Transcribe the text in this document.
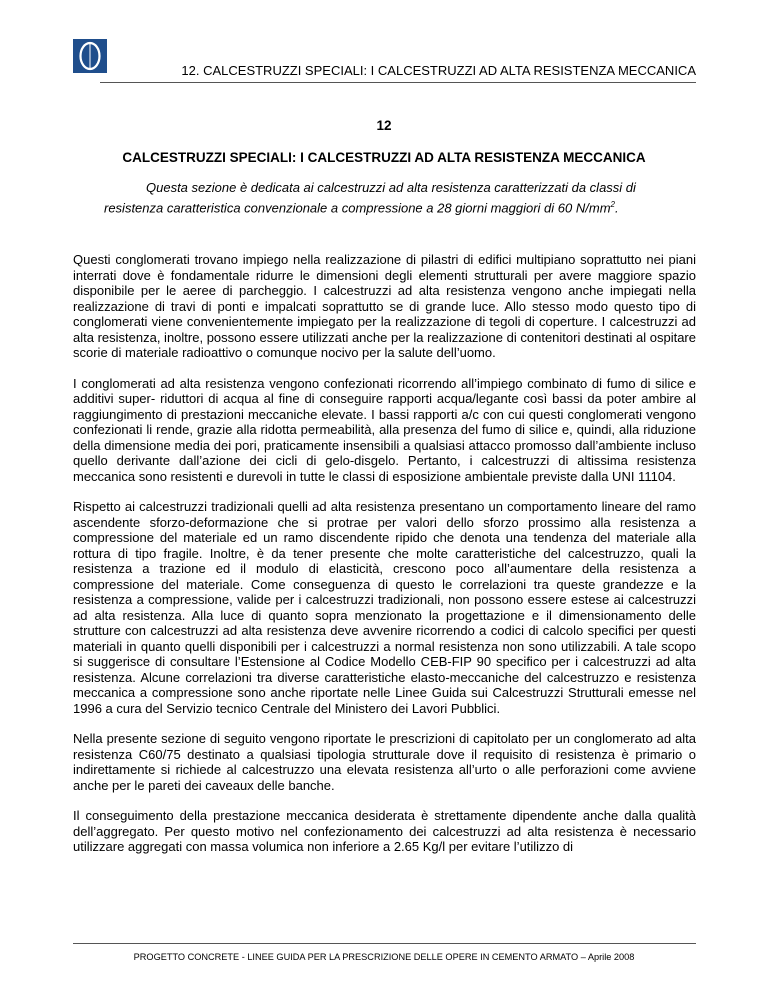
12. CALCESTRUZZI SPECIALI: I CALCESTRUZZI AD ALTA RESISTENZA MECCANICA
12
CALCESTRUZZI SPECIALI: I CALCESTRUZZI AD ALTA RESISTENZA MECCANICA
Questa sezione è dedicata ai calcestruzzi ad alta resistenza caratterizzati da classi di resistenza caratteristica convenzionale a compressione a 28 giorni maggiori di 60 $N/mm^2$.

Questi conglomerati trovano impiego nella realizzazione di pilastri di edifici multipiano soprattutto nei piani interrati dove è fondamentale ridurre le dimensioni degli elementi strutturali per avere maggiore spazio disponibile per le aeree di parcheggio. I calcestruzzi ad alta resistenza vengono anche impiegati nella realizzazione di travi di ponti e impalcati soprattutto se di grande luce. Allo stesso modo questo tipo di conglomerati viene convenientemente impiegato per la realizzazione di tegoli di coperture. I calcestruzzi ad alta resistenza, inoltre, possono essere utilizzati anche per la realizzazione di contenitori destinati al ospitare scorie di materiale radioattivo o comunque nocivo per la salute dell’uomo.

I conglomerati ad alta resistenza vengono confezionati ricorrendo all’impiego combinato di fumo di silice e additivi super- riduttori di acqua al fine di conseguire rapporti acqua/legante così bassi da poter ambire al raggiungimento di prestazioni meccaniche elevate. I bassi rapporti a/c con cui questi conglomerati vengono confezionati li rende, grazie alla ridotta permeabilità, alla presenza del fumo di silice e, quindi, alla riduzione della dimensione media dei pori, praticamente insensibili a qualsiasi attacco promosso dall’ambiente incluso quello derivante dall’azione dei cicli di gelo-disgelo. Pertanto, i calcestruzzi di altissima resistenza meccanica sono resistenti e durevoli in tutte le classi di esposizione ambientale previste dalla UNI 11104.

Rispetto ai calcestruzzi tradizionali quelli ad alta resistenza presentano un comportamento lineare del ramo ascendente sforzo-deformazione che si protrae per valori dello sforzo prossimo alla resistenza a compressione del materiale ed un ramo discendente ripido che denota una tendenza del materiale alla rottura di tipo fragile. Inoltre, è da tener presente che molte caratteristiche del calcestruzzo, quali la resistenza a trazione ed il modulo di elasticità, crescono poco all’aumentare della resistenza a compressione del materiale. Come conseguenza di questo le correlazioni tra queste grandezze e la resistenza a compressione, valide per i calcestruzzi tradizionali, non possono essere estese ai calcestruzzi ad alta resistenza. Alla luce di quanto sopra menzionato la progettazione e il dimensionamento delle strutture con calcestruzzi ad alta resistenza deve avvenire ricorrendo a codici di calcolo specifici per questi materiali in quanto quelli disponibili per i calcestruzzi a normal resistenza non sono utilizzabili. A tale scopo si suggerisce di consultare l’Estensione al Codice Modello CEB-FIP 90 specifico per i calcestruzzi ad alta resistenza. Alcune correlazioni tra diverse caratteristiche elasto-meccaniche del calcestruzzo e resistenza meccanica a compressione sono anche riportate nelle Linee Guida sui Calcestruzzi Strutturali emesse nel 1996 a cura del Servizio tecnico Centrale del Ministero dei Lavori Pubblici.

Nella presente sezione di seguito vengono riportate le prescrizioni di capitolato per un conglomerato ad alta resistenza C60/75 destinato a qualsiasi tipologia strutturale dove il requisito di resistenza è primario o indirettamente si richiede al calcestruzzo una elevata resistenza all’urto o alle perforazioni come avviene anche per le pareti dei caveaux delle banche.

Il conseguimento della prestazione meccanica desiderata è strettamente dipendente anche dalla qualità dell’aggregato. Per questo motivo nel confezionamento dei calcestruzzi ad alta resistenza è necessario utilizzare aggregati con massa volumica non inferiore a 2.65 Kg/l per evitare l’utilizzo di

PROGETTO CONCRETE - LINEE GUIDA PER LA PRESCRIZIONE DELLE OPERE IN CEMENTO ARMATO – Aprile 2008
